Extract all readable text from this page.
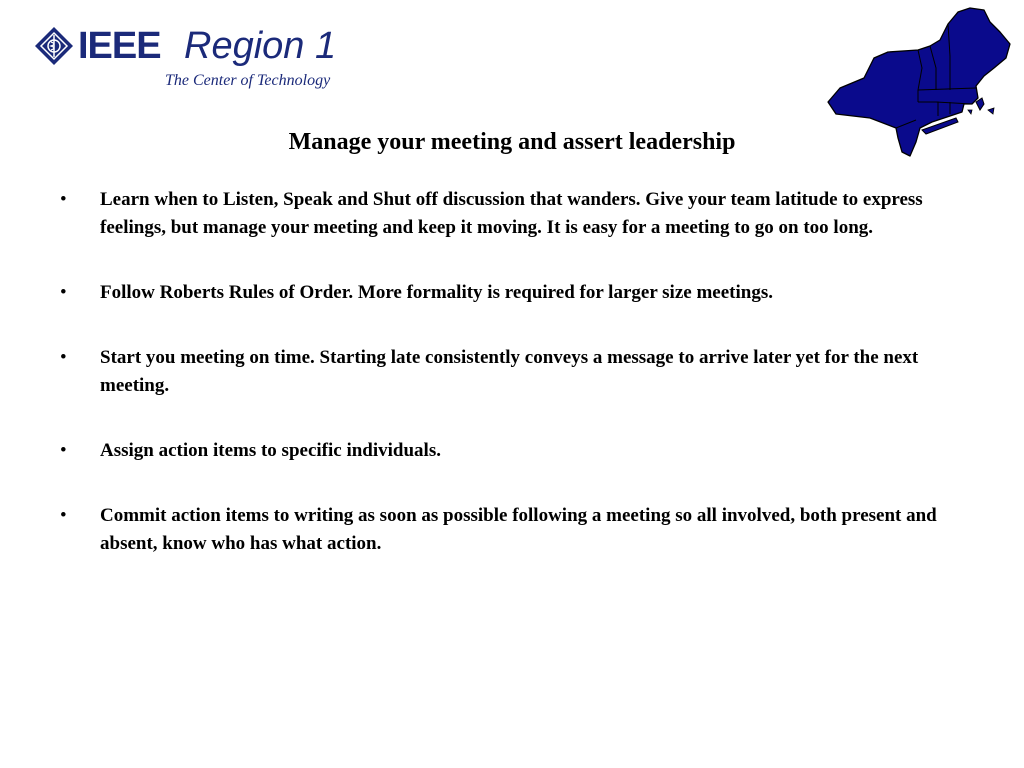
IEEE Region 1
The Center of Technology
Manage your meeting and assert leadership
• Learn when to Listen, Speak and Shut off discussion that wanders. Give your team latitude to express feelings, but manage your meeting and keep it moving. It is easy for a meeting to go on too long.
• Follow Roberts Rules of Order. More formality is required for larger size meetings.
• Start you meeting on time. Starting late consistently conveys a message to arrive later yet for the next meeting.
• Assign action items to specific individuals.
• Commit action items to writing as soon as possible following a meeting so all involved, both present and absent, know who has what action.
